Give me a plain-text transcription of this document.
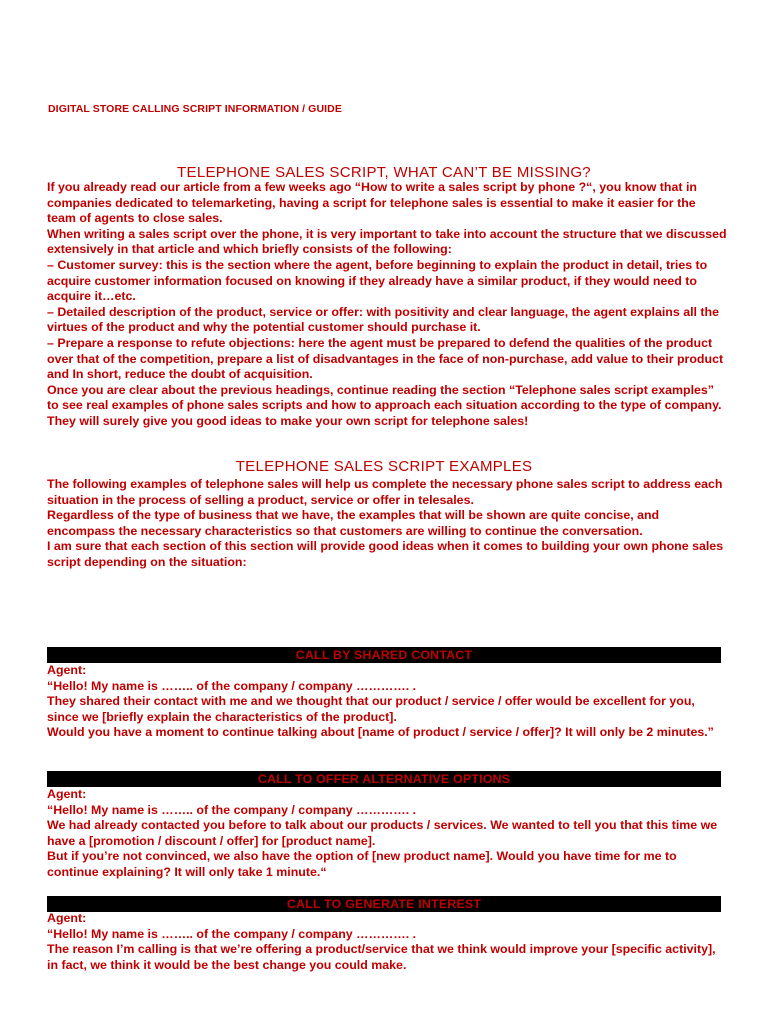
DIGITAL STORE CALLING SCRIPT INFORMATION / GUIDE
TELEPHONE SALES SCRIPT, WHAT CAN’T BE MISSING?

If you already read our article from a few weeks ago “How to write a sales script by phone ?“, you know that in companies dedicated to telemarketing, having a script for telephone sales is essential to make it easier for the team of agents to close sales.

When writing a sales script over the phone, it is very important to take into account the structure that we discussed extensively in that article and which briefly consists of the following:

– Customer survey: this is the section where the agent, before beginning to explain the product in detail, tries to acquire customer information focused on knowing if they already have a similar product, if they would need to acquire it…etc.

– Detailed description of the product, service or offer: with positivity and clear language, the agent explains all the virtues of the product and why the potential customer should purchase it.

– Prepare a response to refute objections: here the agent must be prepared to defend the qualities of the product over that of the competition, prepare a list of disadvantages in the face of non-purchase, add value to their product and In short, reduce the doubt of acquisition.

Once you are clear about the previous headings, continue reading the section “Telephone sales script examples” to see real examples of phone sales scripts and how to approach each situation according to the type of company.

They will surely give you good ideas to make your own script for telephone sales!

TELEPHONE SALES SCRIPT EXAMPLES

The following examples of telephone sales will help us complete the necessary phone sales script to address each situation in the process of selling a product, service or offer in telesales.

Regardless of the type of business that we have, the examples that will be shown are quite concise, and encompass the necessary characteristics so that customers are willing to continue the conversation.

I am sure that each section of this section will provide good ideas when it comes to building your own phone sales script depending on the situation:

CALL BY SHARED CONTACT

Agent:

“Hello! My name is …….. of the company / company …………. .

They shared their contact with me and we thought that our product / service / offer would be excellent for you, since we [briefly explain the characteristics of the product].

Would you have a moment to continue talking about [name of product / service / offer]? It will only be 2 minutes.”

CALL TO OFFER ALTERNATIVE OPTIONS

Agent:

“Hello! My name is …….. of the company / company …………. .

We had already contacted you before to talk about our products / services. We wanted to tell you that this time we have a [promotion / discount / offer] for [product name].

But if you’re not convinced, we also have the option of [new product name]. Would you have time for me to continue explaining? It will only take 1 minute.“

CALL TO GENERATE INTEREST

Agent:

“Hello! My name is …….. of the company / company …………. .

The reason I’m calling is that we’re offering a product/service that we think would improve your [specific activity], in fact, we think it would be the best change you could make.
